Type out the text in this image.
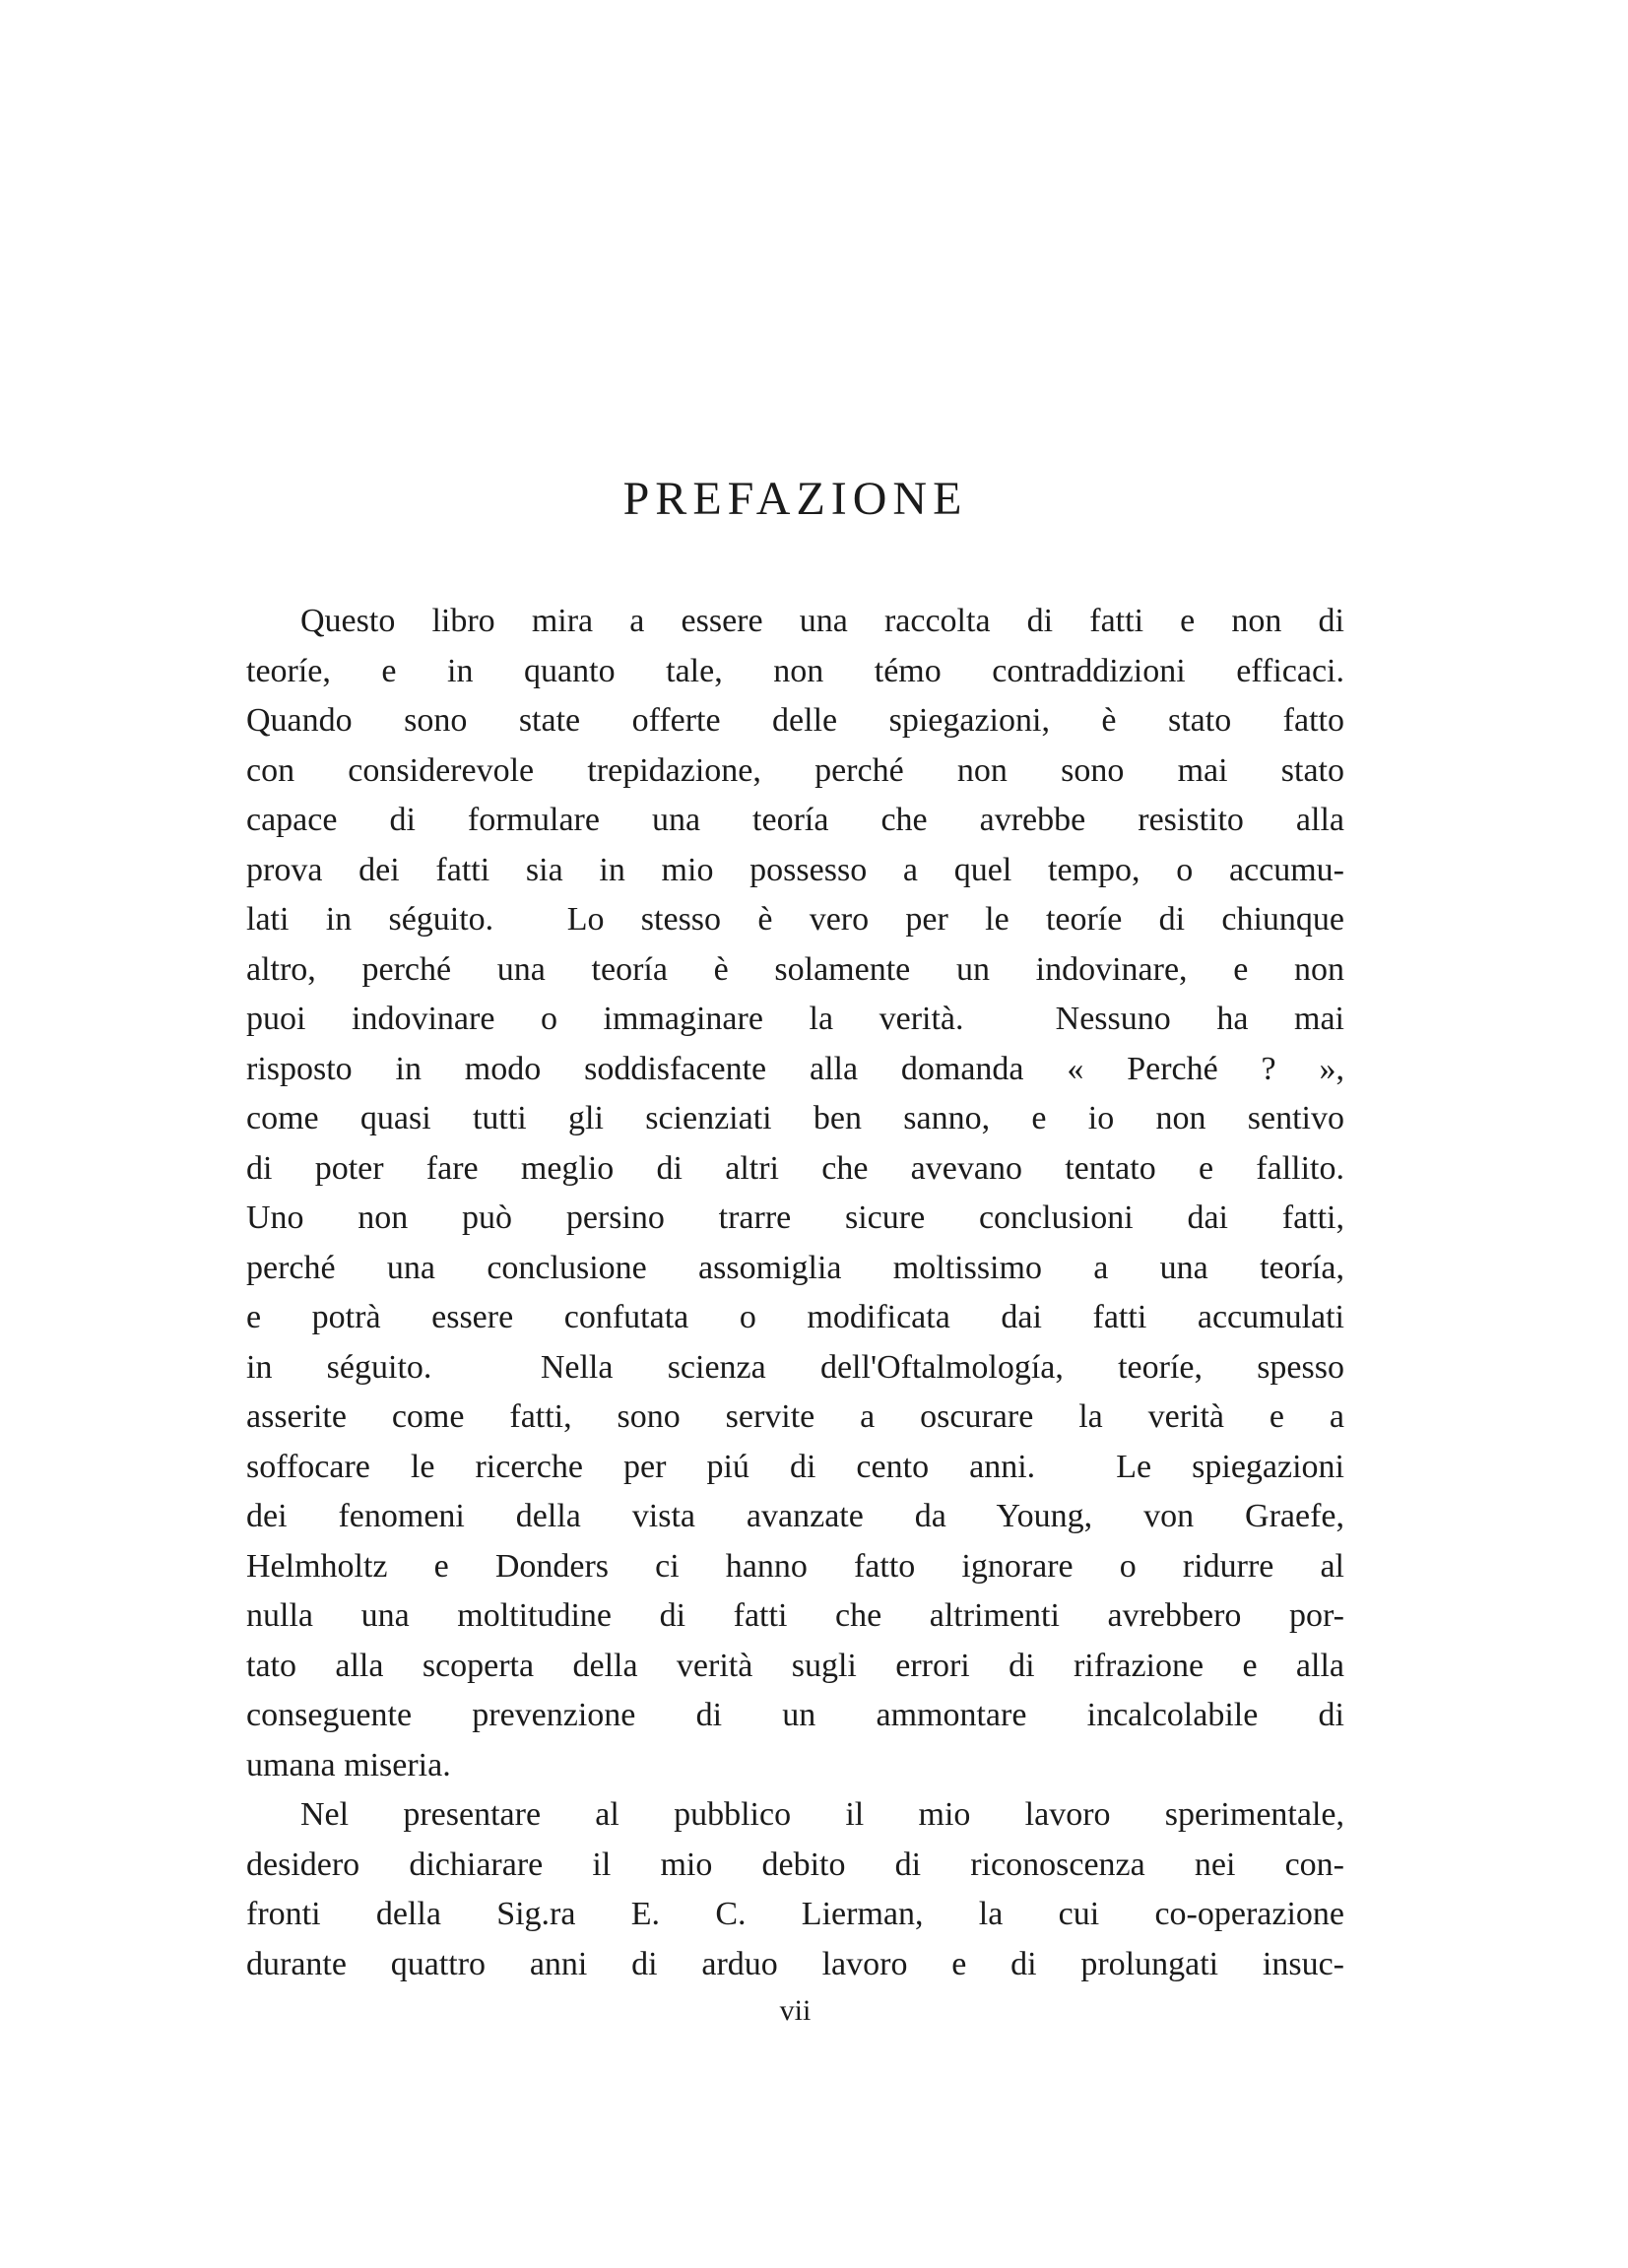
PREFAZIONE
Questo libro mira a essere una raccolta di fatti e non di
teoríe, e in quanto tale, non témo contraddizioni efficaci.
Quando sono state offerte delle spiegazioni, è stato fatto
con considerevole trepidazione, perché non sono mai stato
capace di formulare una teoría che avrebbe resistito alla
prova dei fatti sia in mio possesso a quel tempo, o accumu-
lati in séguito.  Lo stesso è vero per le teoríe di chiunque
altro, perché una teoría è solamente un indovinare, e non
puoi indovinare o immaginare la verità.  Nessuno ha mai
risposto in modo soddisfacente alla domanda « Perché ? »,
come quasi tutti gli scienziati ben sanno, e io non sentivo
di poter fare meglio di altri che avevano tentato e fallito.
Uno non può persino trarre sicure conclusioni dai fatti,
perché una conclusione assomiglia moltissimo a una teoría,
e potrà essere confutata o modificata dai fatti accumulati
in séguito.  Nella scienza dell'Oftalmología, teoríe, spesso
asserite come fatti, sono servite a oscurare la verità e a
soffocare le ricerche per piú di cento anni.  Le spiegazioni
dei fenomeni della vista avanzate da Young, von Graefe,
Helmholtz e Donders ci hanno fatto ignorare o ridurre al
nulla una moltitudine di fatti che altrimenti avrebbero por-
tato alla scoperta della verità sugli errori di rifrazione e alla
conseguente prevenzione di un ammontare incalcolabile di
umana miseria.
Nel presentare al pubblico il mio lavoro sperimentale,
desidero dichiarare il mio debito di riconoscenza nei con-
fronti della Sig.ra E. C. Lierman, la cui co-operazione
durante quattro anni di arduo lavoro e di prolungati insuc-
vii
